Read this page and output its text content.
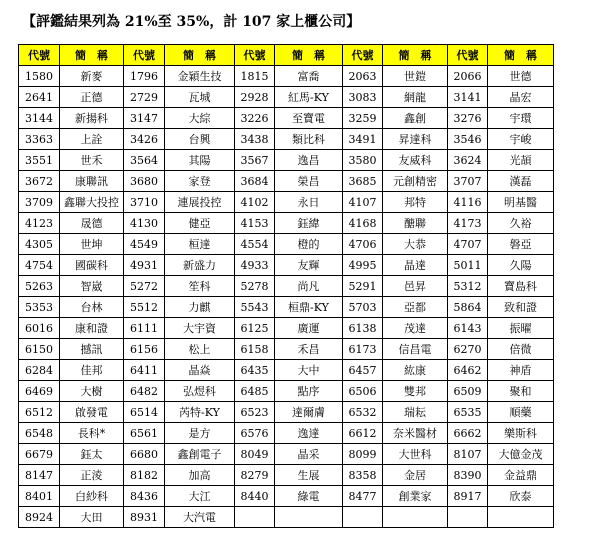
【評鑑結果列為 21%至 35%，計 107 家上櫃公司】
代號	簡　稱	代號	簡　稱	代號	簡　稱	代號	簡　稱	代號	簡　稱
1580	新麥	1796	金穎生技	1815	富喬	2063	世鎧	2066	世德
2641	正德	2729	瓦城	2928	紅馬-KY	3083	網龍	3141	晶宏
3144	新揚科	3147	大綜	3226	至寶電	3259	鑫創	3276	宇環
3363	上詮	3426	台興	3438	類比科	3491	昇達科	3546	宇峻
3551	世禾	3564	其陽	3567	逸昌	3580	友威科	3624	光頡
3672	康聯訊	3680	家登	3684	榮昌	3685	元創精密	3707	漢磊
3709	鑫聯大投控	3710	連展投控	4102	永日	4107	邦特	4116	明基醫
4123	晟德	4130	健亞	4153	鈺緯	4168	醣聯	4173	久裕
4305	世坤	4549	桓達	4554	橙的	4706	大恭	4707	磐亞
4754	國碳科	4931	新盛力	4933	友輝	4995	晶達	5011	久陽
5263	智崴	5272	笙科	5278	尚凡	5291	邑昇	5312	寶島科
5353	台林	5512	力麒	5543	桓鼎-KY	5703	亞都	5864	致和證
6016	康和證	6111	大宇資	6125	廣運	6138	茂達	6143	振曜
6150	撼訊	6156	松上	6158	禾昌	6173	信昌電	6270	倍微
6284	佳邦	6411	晶焱	6435	大中	6457	紘康	6462	神盾
6469	大樹	6482	弘煜科	6485	點序	6506	雙邦	6509	聚和
6512	啟發電	6514	芮特-KY	6523	達爾膚	6532	瑞耘	6535	順藥
6548	長科*	6561	是方	6576	逸達	6612	奈米醫材	6662	樂斯科
6679	鈺太	6680	鑫創電子	8049	晶采	8099	大世科	8107	大億金茂
8147	正淩	8182	加高	8279	生展	8358	金居	8390	金益鼎
8401	白紗科	8436	大江	8440	綠電	8477	創業家	8917	欣泰
8924	大田	8931	大汽電						
